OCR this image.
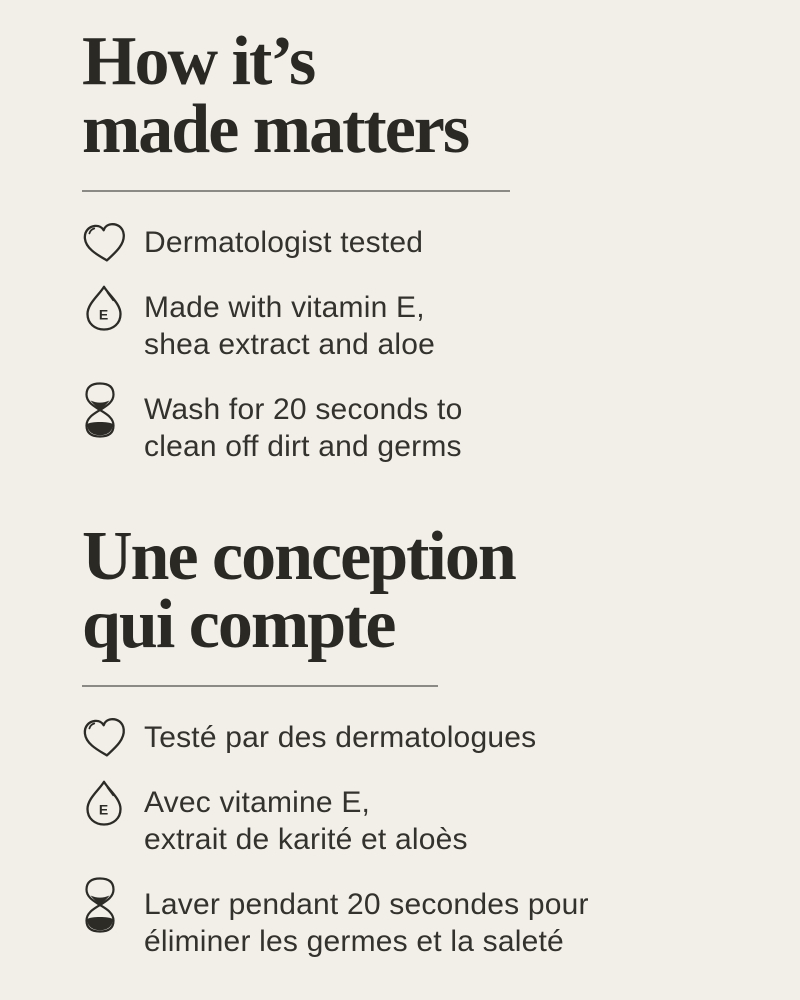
How it’s
made matters
Dermatologist tested
E Made with vitamin E,
shea extract and aloe
Wash for 20 seconds to
clean off dirt and germs
Une conception
qui compte
Testé par des dermatologues
E Avec vitamine E,
extrait de karité et aloès
Laver pendant 20 secondes pour
éliminer les germes et la saleté
